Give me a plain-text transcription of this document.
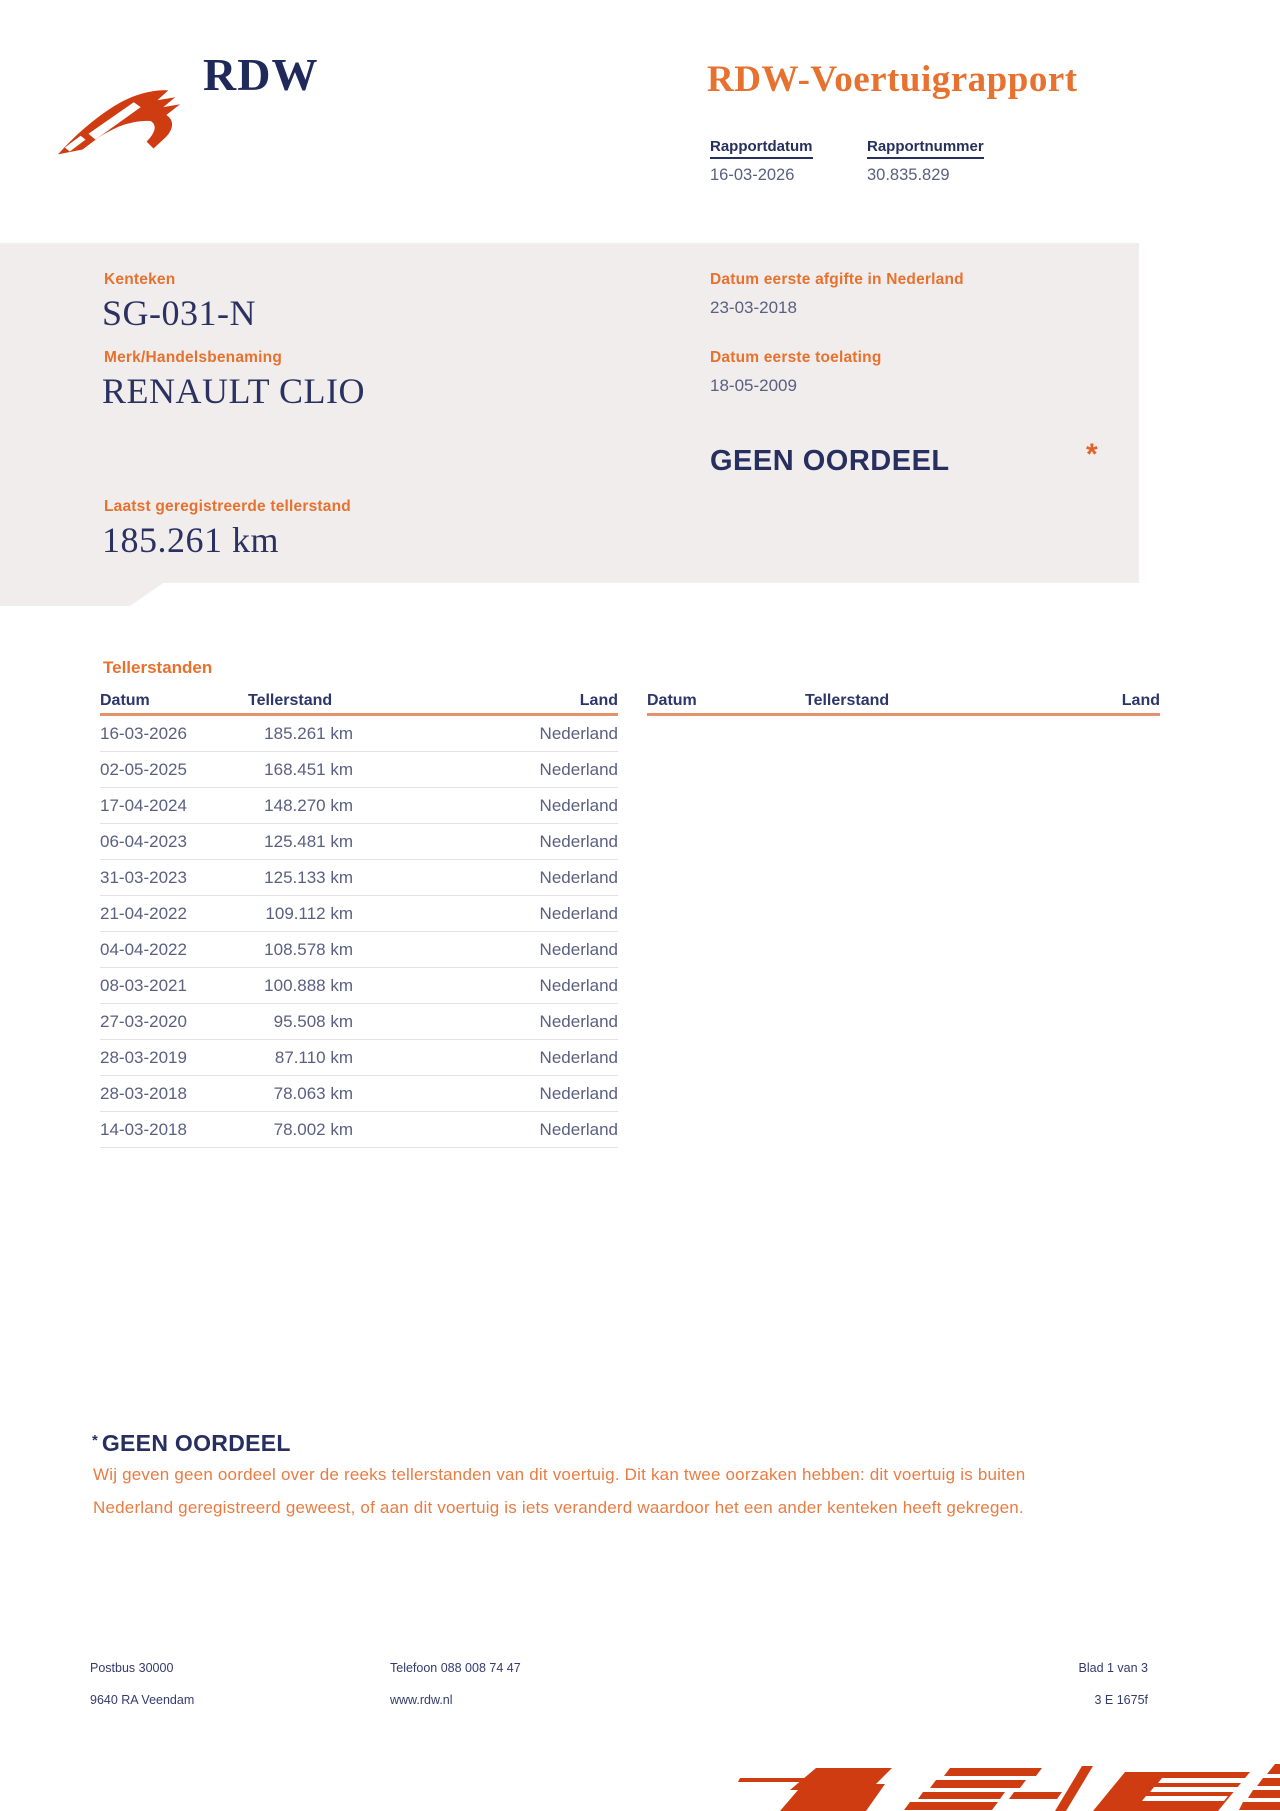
RDW	RDW-Voertuigrapport
Rapportdatum	Rapportnummer
16-03-2026	30.835.829
Kenteken
SG-031-N
Merk/Handelsbenaming
RENAULT CLIO
Datum eerste afgifte in Nederland
23-03-2018
Datum eerste toelating
18-05-2009
GEEN OORDEEL	*
Laatst geregistreerde tellerstand
185.261 km
Tellerstanden
Datum	Tellerstand	Land
16-03-2026	185.261 km	Nederland
02-05-2025	168.451 km	Nederland
17-04-2024	148.270 km	Nederland
06-04-2023	125.481 km	Nederland
31-03-2023	125.133 km	Nederland
21-04-2022	109.112 km	Nederland
04-04-2022	108.578 km	Nederland
08-03-2021	100.888 km	Nederland
27-03-2020	95.508 km	Nederland
28-03-2019	87.110 km	Nederland
28-03-2018	78.063 km	Nederland
14-03-2018	78.002 km	Nederland
Datum	Tellerstand	Land
* GEEN OORDEEL
Wij geven geen oordeel over de reeks tellerstanden van dit voertuig. Dit kan twee oorzaken hebben: dit voertuig is buiten Nederland geregistreerd geweest, of aan dit voertuig is iets veranderd waardoor het een ander kenteken heeft gekregen.
Postbus 30000
9640 RA Veendam
Telefoon 088 008 74 47
www.rdw.nl
Blad 1 van 3
3 E 1675f
